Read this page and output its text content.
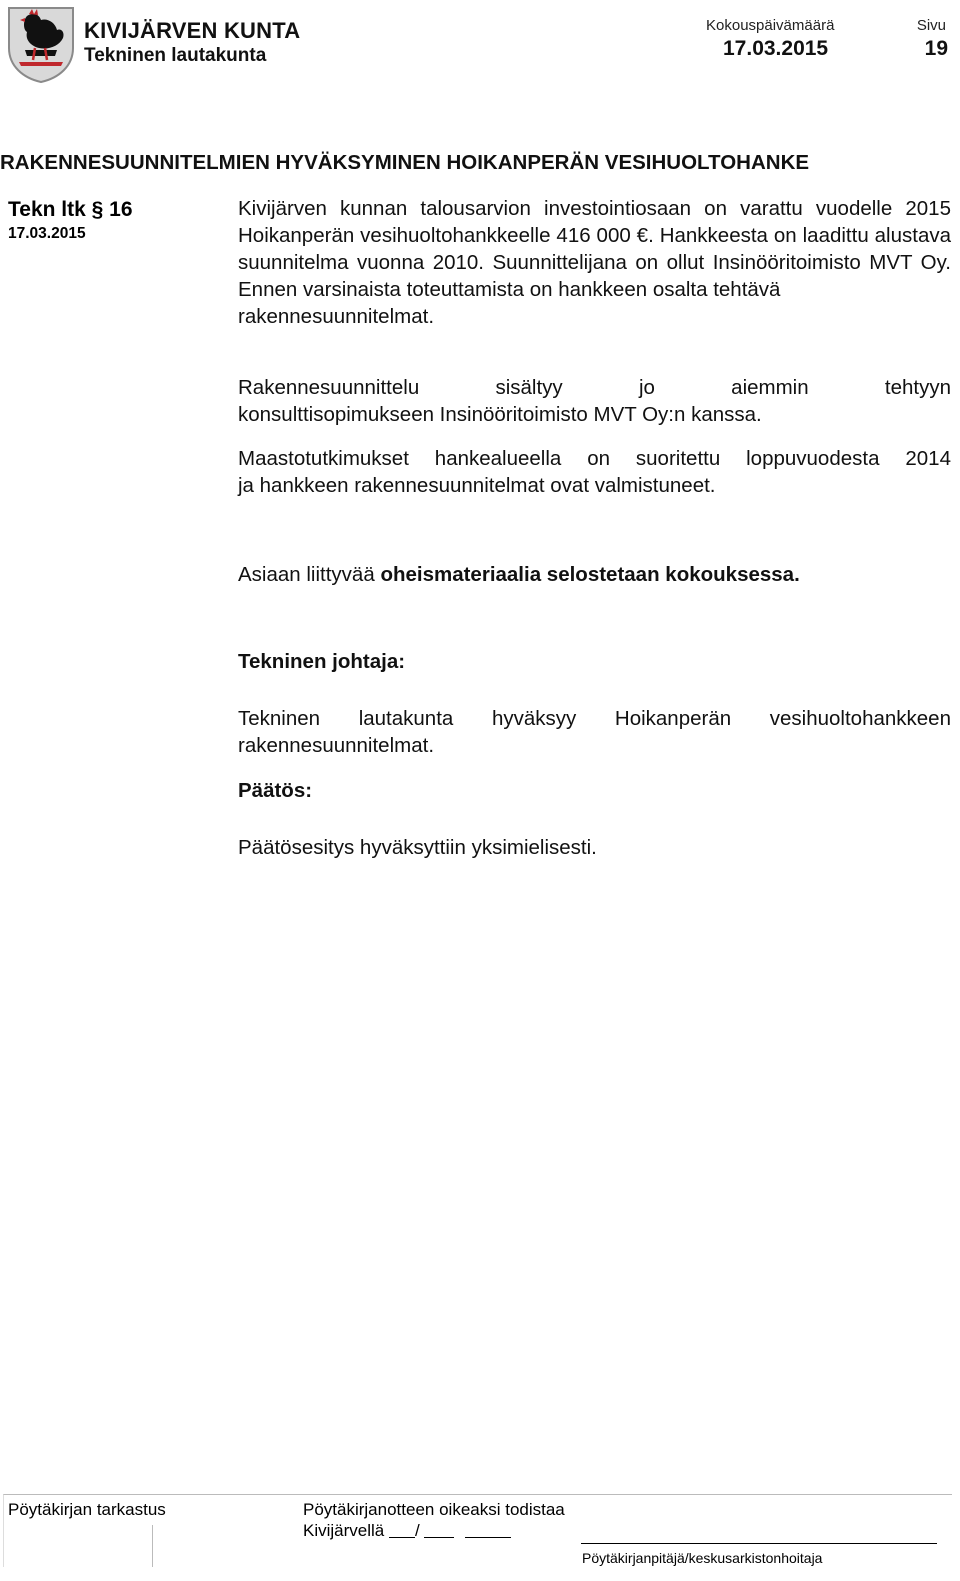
KIVIJÄRVEN KUNTA
Tekninen lautakunta
Kokouspäivämäärä
17.03.2015
Sivu
19
RAKENNESUUNNITELMIEN HYVÄKSYMINEN HOIKANPERÄN VESIHUOLTOHANKE
Tekn ltk § 16
17.03.2015
Kivijärven kunnan talousarvion investointiosaan on varattu vuodelle 2015 Hoikanperän vesihuoltohankkeelle 416 000 €. Hankkeesta on laadittu alustava suunnitelma vuonna 2010. Suunnittelijana on ollut Insinööritoimisto MVT Oy. Ennen varsinaista toteuttamista on hankkeen osalta tehtävä
rakennesuunnitelmat.
Rakennesuunnittelu sisältyy jo aiemmin tehtyyn
konsulttisopimukseen Insinööritoimisto MVT Oy:n kanssa.
Maastotutkimukset hankealueella on suoritettu loppuvuodesta 2014
ja hankkeen rakennesuunnitelmat ovat valmistuneet.
Asiaan liittyvää oheismateriaalia selostetaan kokouksessa.
Tekninen johtaja:
Tekninen lautakunta hyväksyy Hoikanperän vesihuoltohankkeen
rakennesuunnitelmat.
Päätös:
Päätösesitys hyväksyttiin yksimielisesti.
Pöytäkirjan tarkastus	Pöytäkirjanotteen oikeaksi todistaa
Kivijärvellä /
Pöytäkirjanpitäjä/keskusarkistonhoitaja
